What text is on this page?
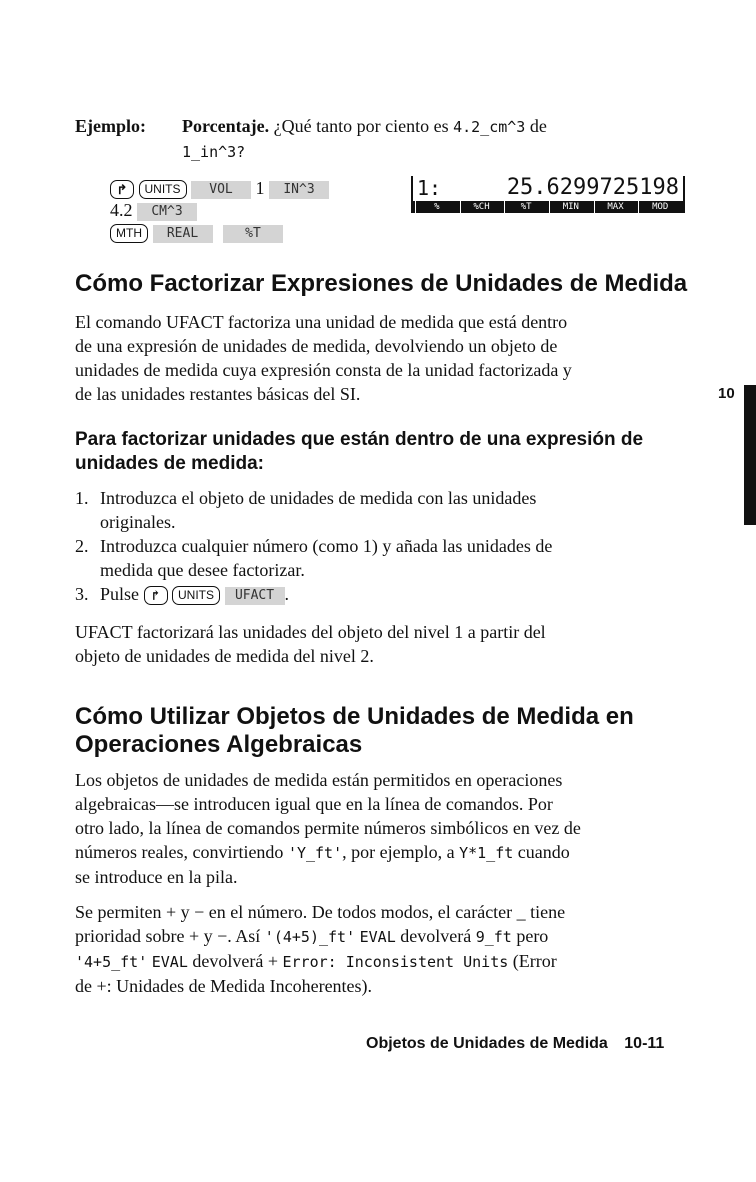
Ejemplo: Porcentaje. ¿Qué tanto por ciento es 4.2_cm^3 de
1_in^3?
↱ UNITS VOL 1 IN^3
4.2 CM^3
MTH REAL	%T
1:	25.6299725198
%	%CH	%T	MIN	MAX	MOD
Cómo Factorizar Expresiones de Unidades de Medida
El comando UFACT factoriza una unidad de medida que está dentro
de una expresión de unidades de medida, devolviendo un objeto de
unidades de medida cuya expresión consta de la unidad factorizada y
de las unidades restantes básicas del SI.
Para factorizar unidades que están dentro de una expresión de
unidades de medida:
1. Introduzca el objeto de unidades de medida con las unidades
originales.
2. Introduzca cualquier número (como 1) y añada las unidades de
medida que desee factorizar.
3. Pulse ↱ UNITS UFACT .
UFACT factorizará las unidades del objeto del nivel 1 a partir del
objeto de unidades de medida del nivel 2.
Cómo Utilizar Objetos de Unidades de Medida en
Operaciones Algebraicas
Los objetos de unidades de medida están permitidos en operaciones
algebraicas—se introducen igual que en la línea de comandos. Por
otro lado, la línea de comandos permite números simbólicos en vez de
números reales, convirtiendo 'Y_ft', por ejemplo, a Y*1_ft cuando
se introduce en la pila.
Se permiten + y − en el número. De todos modos, el carácter _ tiene
prioridad sobre + y −. Así '(4+5)_ft' EVAL devolverá 9_ft pero
'4+5_ft' EVAL devolverá + Error: Inconsistent Units (Error
de +: Unidades de Medida Incoherentes).
10
Objetos de Unidades de Medida 10-11
